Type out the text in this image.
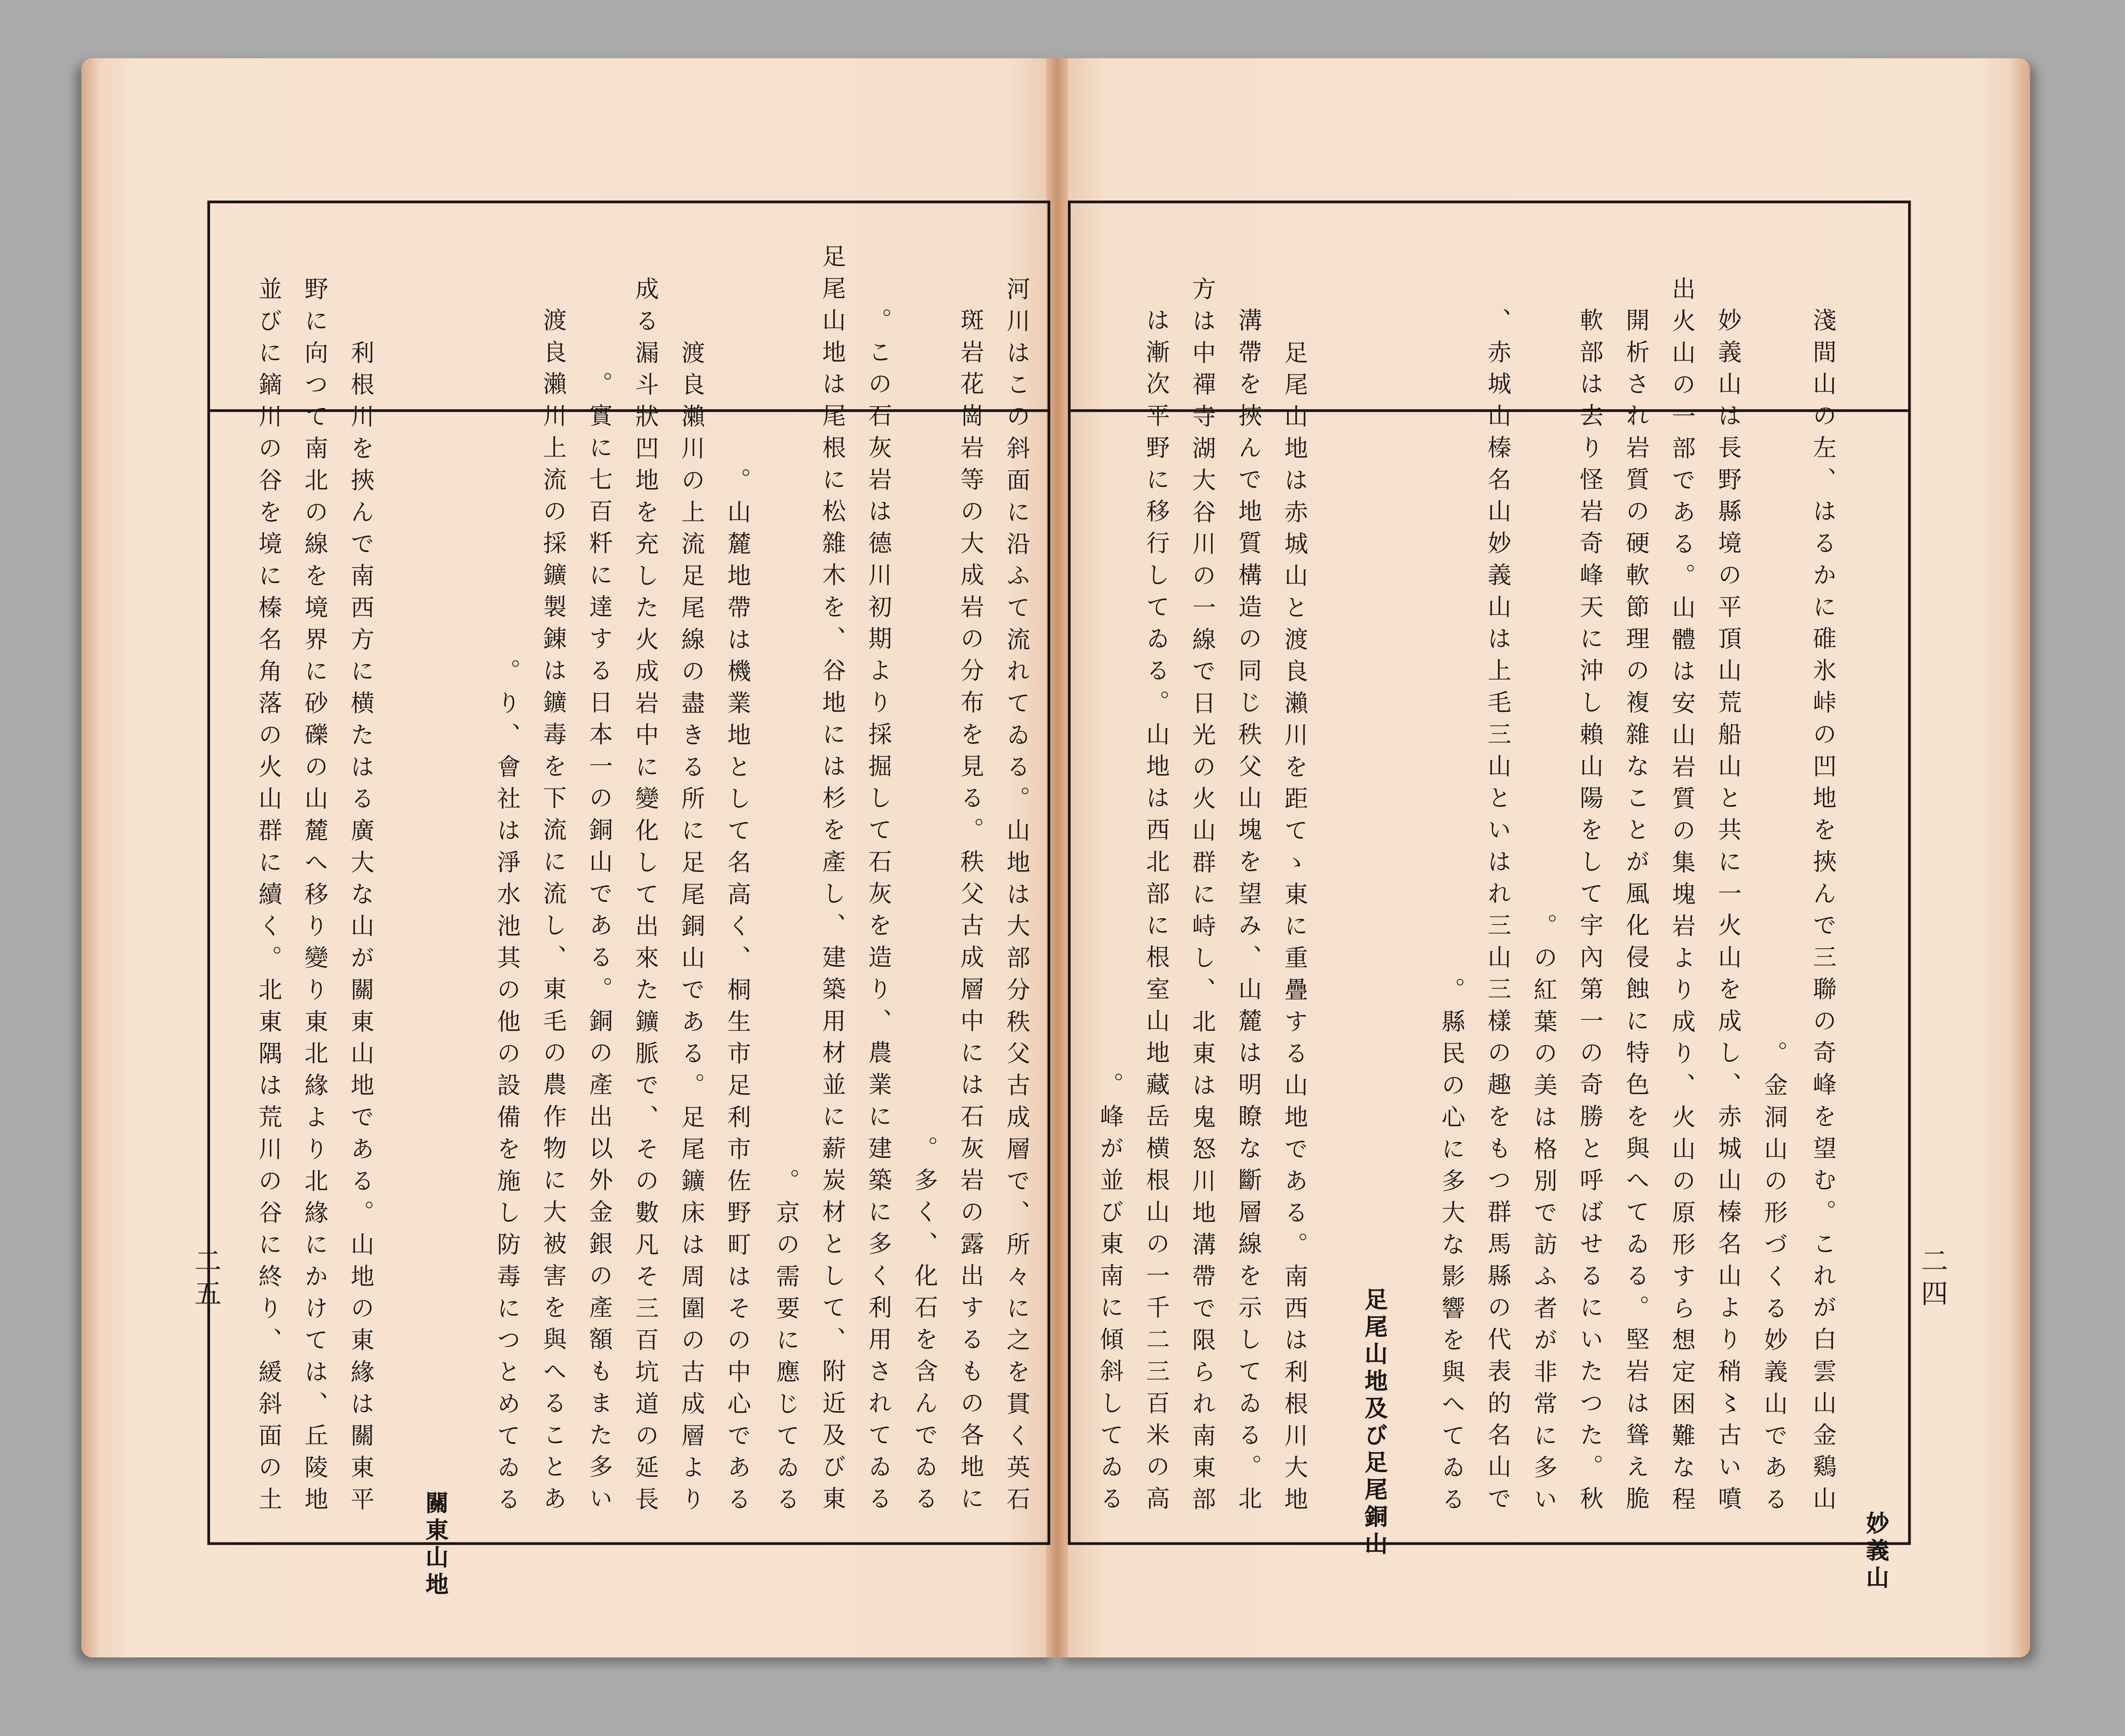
河川はこの斜面に沿ふて流れてゐる。山地は大部分秩父古成層で、所々に之を貫く英石
斑岩花崗岩等の大成岩の分布を見る。秩父古成層中には石灰岩の露出するもの各地に
多く、化石を含んでゐる。
この石灰岩は德川初期より採掘して石灰を造り、農業に建築に多く利用されてゐる。
足尾山地は尾根に松雜木を、谷地には杉を產し、建築用材並に薪炭材として、附近及び東
京の需要に應じてゐる。
山麓地帶は機業地として名高く、桐生市足利市佐野町はその中心である。
渡良瀨川の上流足尾線の盡きる所に足尾銅山である。足尾鑛床は周圍の古成層より
成る漏斗狀凹地を充した火成岩中に變化して出來た鑛脈で、その數凡そ三百坑道の延長
實に七百粁に達する日本一の銅山である。銅の產出以外金銀の產額もまた多い。
渡良瀨川上流の採鑛製錬は鑛毒を下流に流し、東毛の農作物に大被害を與へることあ
り、會社は淨水池其の他の設備を施し防毒につとめてゐる。
關東山地
利根川を挾んで南西方に横たはる廣大な山が關東山地である。山地の東緣は關東平
野に向つて南北の線を境界に砂礫の山麓へ移り變り東北緣より北緣にかけては、丘陵地
並びに鏑川の谷を境に榛名角落の火山群に續く。北東隅は荒川の谷に終り、緩斜面の土
妙義山
淺間山の左、はるかに碓氷峠の凹地を挾んで三聯の奇峰を望む。これが白雲山金鷄山
金洞山の形づくる妙義山である。
妙義山は長野縣境の平頂山荒船山と共に一火山を成し、赤城山榛名山より稍〻古い噴
出火山の一部である。山體は安山岩質の集塊岩より成り、火山の原形すら想定困難な程
開析され岩質の硬軟節理の複雜なことが風化侵蝕に特色を與へてゐる。堅岩は聳え脆
軟部は去り怪岩奇峰天に沖し賴山陽をして宇內第一の奇勝と呼ばせるにいたつた。秋
の紅葉の美は格別で訪ふ者が非常に多い。
赤城山榛名山妙義山は上毛三山といはれ三山三樣の趣をもつ群馬縣の代表的名山で、
縣民の心に多大な影響を與へてゐる。
足尾山地及び足尾銅山
足尾山地は赤城山と渡良瀨川を距てゝ東に重疊する山地である。南西は利根川大地
溝帶を挾んで地質構造の同じ秩父山塊を望み、山麓は明瞭な斷層線を示してゐる。北
方は中禪寺湖大谷川の一線で日光の火山群に峙し、北東は鬼怒川地溝帶で限られ南東部
は漸次平野に移行してゐる。山地は西北部に根室山地藏岳横根山の一千二三百米の高
峰が並び東南に傾斜してゐる。
二五	二四
